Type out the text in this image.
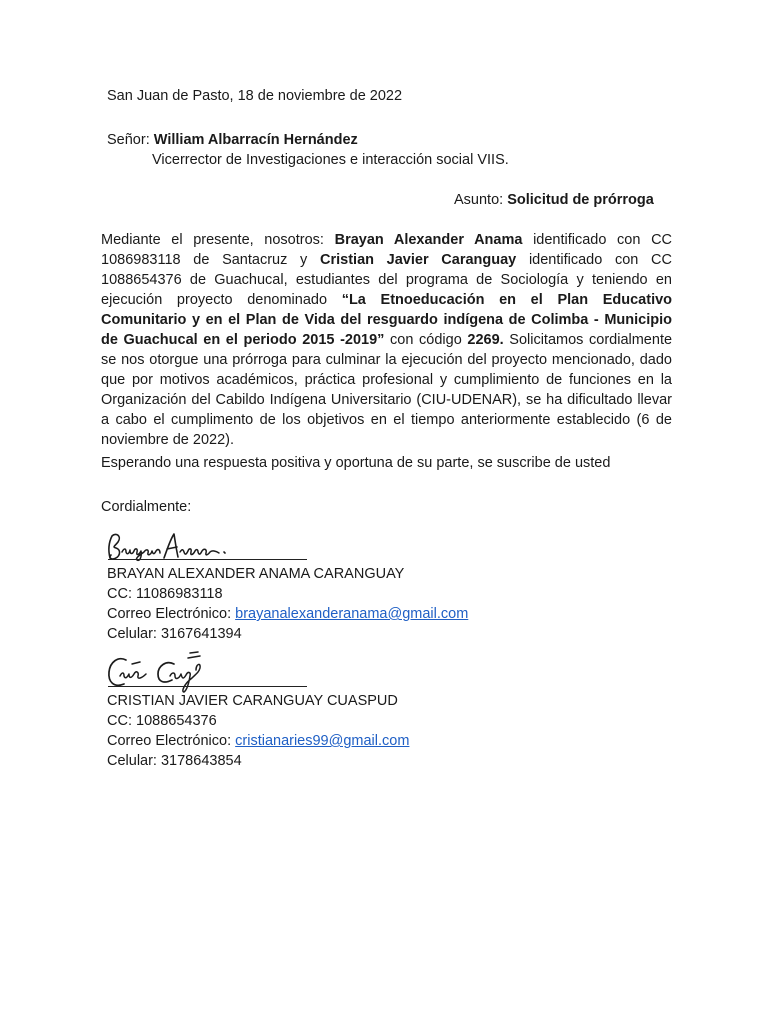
San Juan de Pasto, 18 de noviembre de 2022
Señor: William Albarracín Hernández
Vicerrector de Investigaciones e interacción social VIIS.
Asunto: Solicitud de prórroga
Mediante el presente, nosotros: Brayan Alexander Anama identificado con CC 1086983118 de Santacruz y Cristian Javier Caranguay identificado con CC 1088654376 de Guachucal, estudiantes del programa de Sociología y teniendo en ejecución proyecto denominado “La Etnoeducación en el Plan Educativo Comunitario y en el Plan de Vida del resguardo indígena de Colimba - Municipio de Guachucal en el periodo 2015 -2019” con código 2269. Solicitamos cordialmente se nos otorgue una prórroga para culminar la ejecución del proyecto mencionado, dado que por motivos académicos, práctica profesional y cumplimiento de funciones en la Organización del Cabildo Indígena Universitario (CIU-UDENAR), se ha dificultado llevar a cabo el cumplimento de los objetivos en el tiempo anteriormente establecido (6 de noviembre de 2022).
Esperando una respuesta positiva y oportuna de su parte, se suscribe de usted
Cordialmente:
BRAYAN ALEXANDER ANAMA CARANGUAY
CC: 11086983118
Correo Electrónico: brayanalexanderanama@gmail.com
Celular: 3167641394
CRISTIAN JAVIER CARANGUAY CUASPUD
CC: 1088654376
Correo Electrónico: cristianaries99@gmail.com
Celular: 3178643854
